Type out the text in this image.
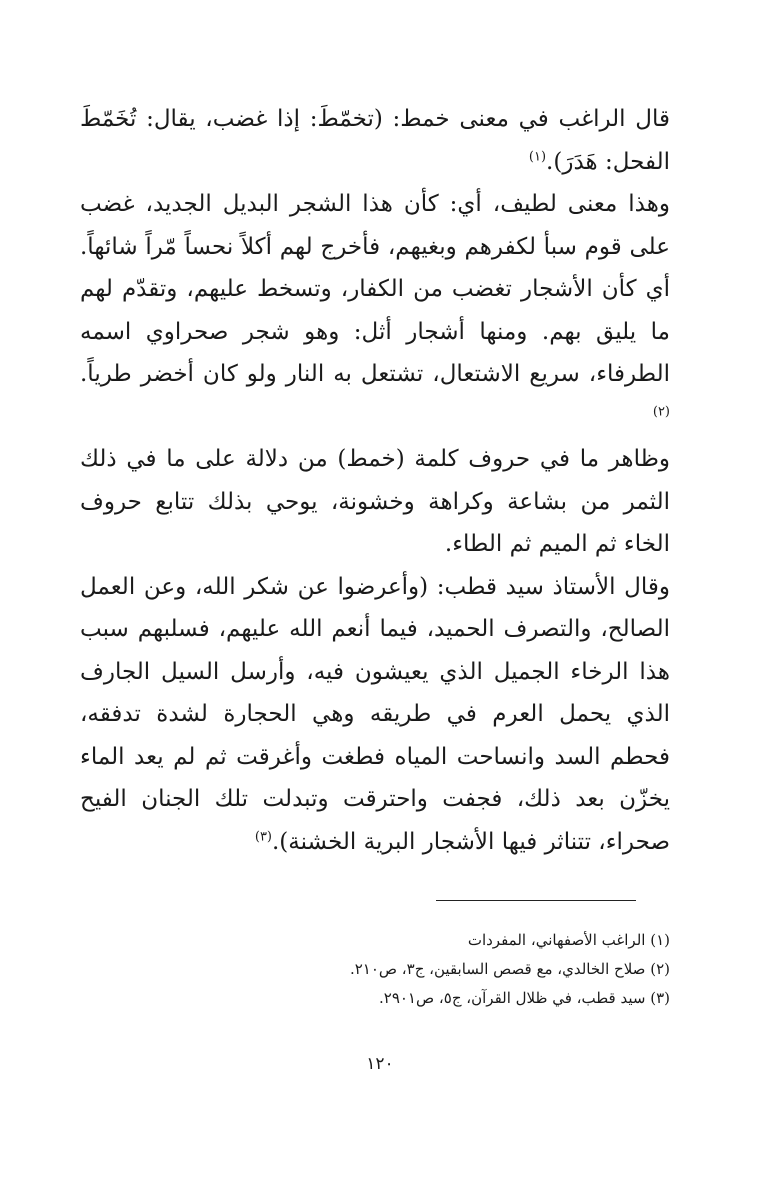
قال الراغب في معنى خمط: (تخمّطَ: إذا غضب، يقال: تُخَمّطَ الفحل: هَدَرَ).$^{(١)}$

وهذا معنى لطيف، أي: كأن هذا الشجر البديل الجديد، غضب على قوم سبأ لكفرهم وبغيهم، فأخرج لهم أكلاً نحساً مّراً شائهاً. أي كأن الأشجار تغضب من الكفار، وتسخط عليهم، وتقدّم لهم ما يليق بهم. ومنها أشجار أثل: وهو شجر صحراوي اسمه الطرفاء، سريع الاشتعال، تشتعل به النار ولو كان أخضر طرياً.$^{(٢)}$

وظاهر ما في حروف كلمة (خمط) من دلالة على ما في ذلك الثمر من بشاعة وكراهة وخشونة، يوحي بذلك تتابع حروف الخاء ثم الميم ثم الطاء.

وقال الأستاذ سيد قطب: (وأعرضوا عن شكر الله، وعن العمل الصالح، والتصرف الحميد، فيما أنعم الله عليهم، فسلبهم سبب هذا الرخاء الجميل الذي يعيشون فيه، وأرسل السيل الجارف الذي يحمل العرم في طريقه وهي الحجارة لشدة تدفقه، فحطم السد وانساحت المياه فطغت وأغرقت ثم لم يعد الماء يخزّن بعد ذلك، فجفت واحترقت وتبدلت تلك الجنان الفيح صحراء، تتناثر فيها الأشجار البرية الخشنة).$^{(٣)}$

(١) الراغب الأصفهاني، المفردات

(٢) صلاح الخالدي، مع قصص السابقين، ج٣، ص٢١٠.

(٣) سيد قطب، في ظلال القرآن، ج٥، ص٢٩٠١.

١٢٠
